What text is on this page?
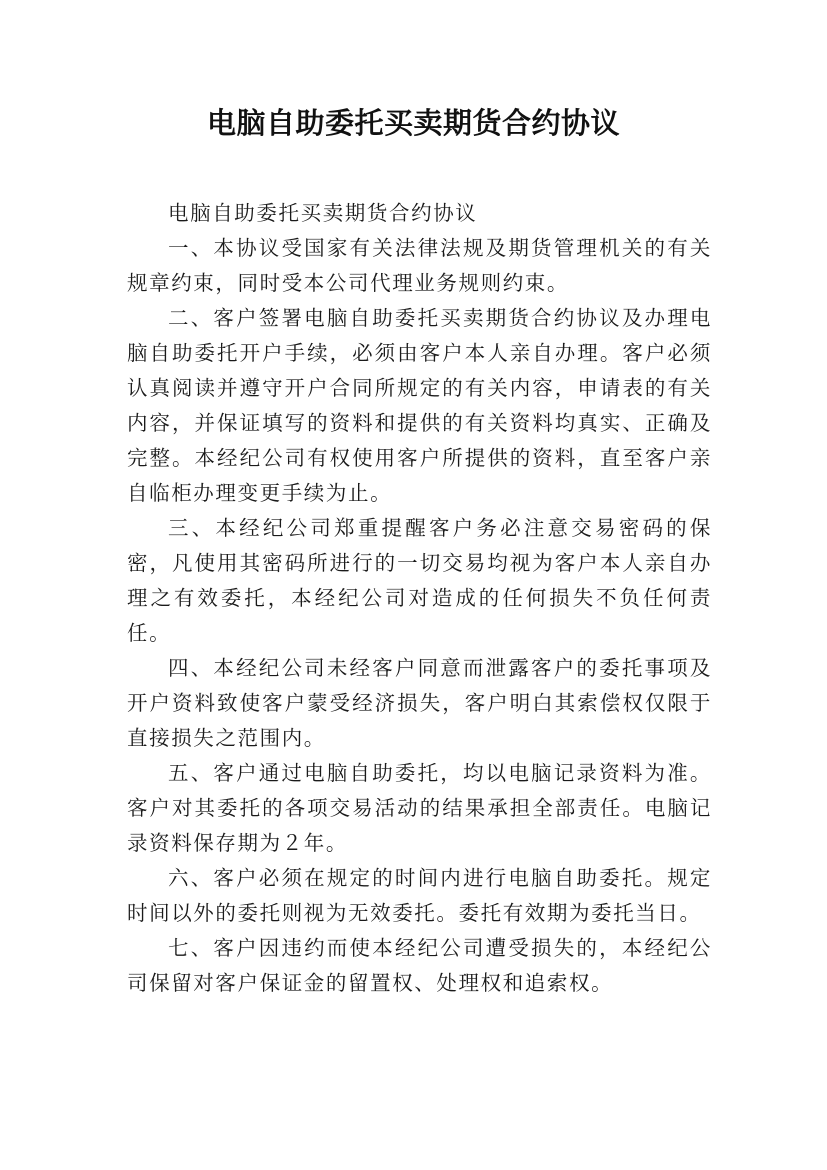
电脑自助委托买卖期货合约协议

电脑自助委托买卖期货合约协议

一、本协议受国家有关法律法规及期货管理机关的有关规章约束，同时受本公司代理业务规则约束。

二、客户签署电脑自助委托买卖期货合约协议及办理电脑自助委托开户手续，必须由客户本人亲自办理。客户必须认真阅读并遵守开户合同所规定的有关内容，申请表的有关内容，并保证填写的资料和提供的有关资料均真实、正确及完整。本经纪公司有权使用客户所提供的资料，直至客户亲自临柜办理变更手续为止。

三、本经纪公司郑重提醒客户务必注意交易密码的保密，凡使用其密码所进行的一切交易均视为客户本人亲自办理之有效委托，本经纪公司对造成的任何损失不负任何责任。

四、本经纪公司未经客户同意而泄露客户的委托事项及开户资料致使客户蒙受经济损失，客户明白其索偿权仅限于直接损失之范围内。

五、客户通过电脑自助委托，均以电脑记录资料为准。客户对其委托的各项交易活动的结果承担全部责任。电脑记录资料保存期为２年。

六、客户必须在规定的时间内进行电脑自助委托。规定时间以外的委托则视为无效委托。委托有效期为委托当日。

七、客户因违约而使本经纪公司遭受损失的，本经纪公司保留对客户保证金的留置权、处理权和追索权。
